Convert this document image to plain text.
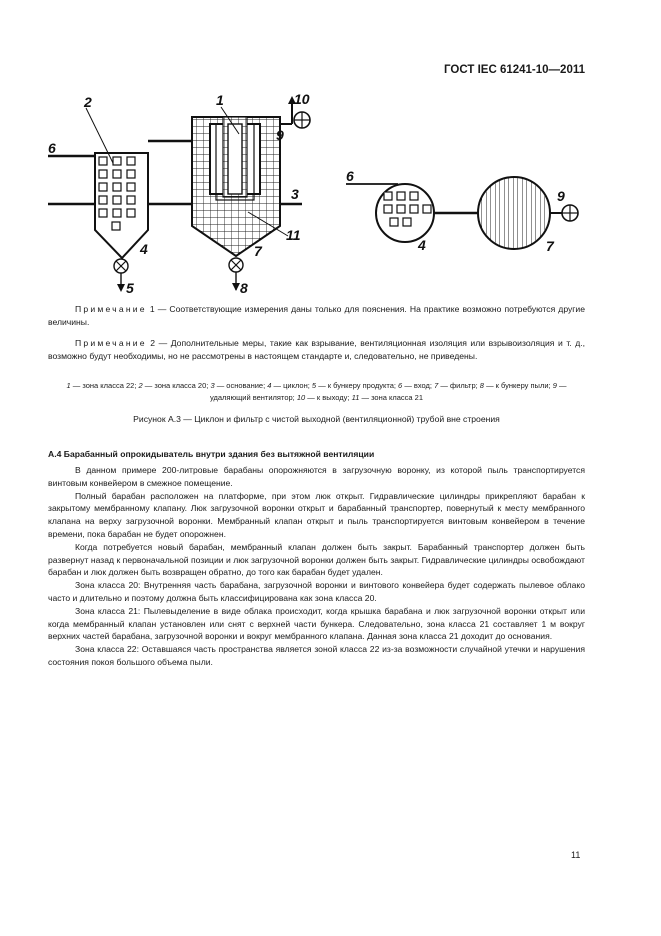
ГОСТ IEC 61241-10—2011
2
6
4
5
1	10
9
3
11
7
8
6
4
9
7
Примечание 1 — Соответствующие измерения даны только для пояснения. На практике возможно потребуются другие величины.
Примечание 2 — Дополнительные меры, такие как взрывание, вентиляционная изоляция или взрывоизоляция и т. д., возможно будут необходимы, но не рассмотрены в настоящем стандарте и, следовательно, не приведены.
1 — зона класса 22; 2 — зона класса 20; 3 — основание; 4 — циклон; 5 — к бункеру продукта; 6 — вход; 7 — фильтр; 8 — к бункеру пыли; 9 — удаляющий вентилятор; 10 — к выходу; 11 — зона класса 21
Рисунок А.3 — Циклон и фильтр с чистой выходной (вентиляционной) трубой вне строения
А.4 Барабанный опрокидыватель внутри здания без вытяжной вентиляции

В данном примере 200-литровые барабаны опорожняются в загрузочную воронку, из которой пыль транспортируется винтовым конвейером в смежное помещение.

Полный барабан расположен на платформе, при этом люк открыт. Гидравлические цилиндры прикрепляют барабан к закрытому мембранному клапану. Люк загрузочной воронки открыт и барабанный транспортер, повернутый к месту мембранного клапана на верху загрузочной воронки. Мембранный клапан открыт и пыль транспортируется винтовым конвейером в течение времени, пока барабан не будет опорожнен.

Когда потребуется новый барабан, мембранный клапан должен быть закрыт. Барабанный транспортер должен быть развернут назад к первоначальной позиции и люк загрузочной воронки должен быть закрыт. Гидравлические цилиндры освобождают барабан и люк должен быть возвращен обратно, до того как барабан будет удален.

Зона класса 20: Внутренняя часть барабана, загрузочной воронки и винтового конвейера будет содержать пылевое облако часто и длительно и поэтому должна быть классифицирована как зона класса 20.

Зона класса 21: Пылевыделение в виде облака происходит, когда крышка барабана и люк загрузочной воронки открыт или когда мембранный клапан установлен или снят с верхней части бункера. Следовательно, зона класса 21 составляет 1 м вокруг верхних частей барабана, загрузочной воронки и вокруг мембранного клапана. Данная зона класса 21 доходит до основания.

Зона класса 22: Оставшаяся часть пространства является зоной класса 22 из-за возможности случайной утечки и нарушения состояния покоя большого объема пыли.

11
